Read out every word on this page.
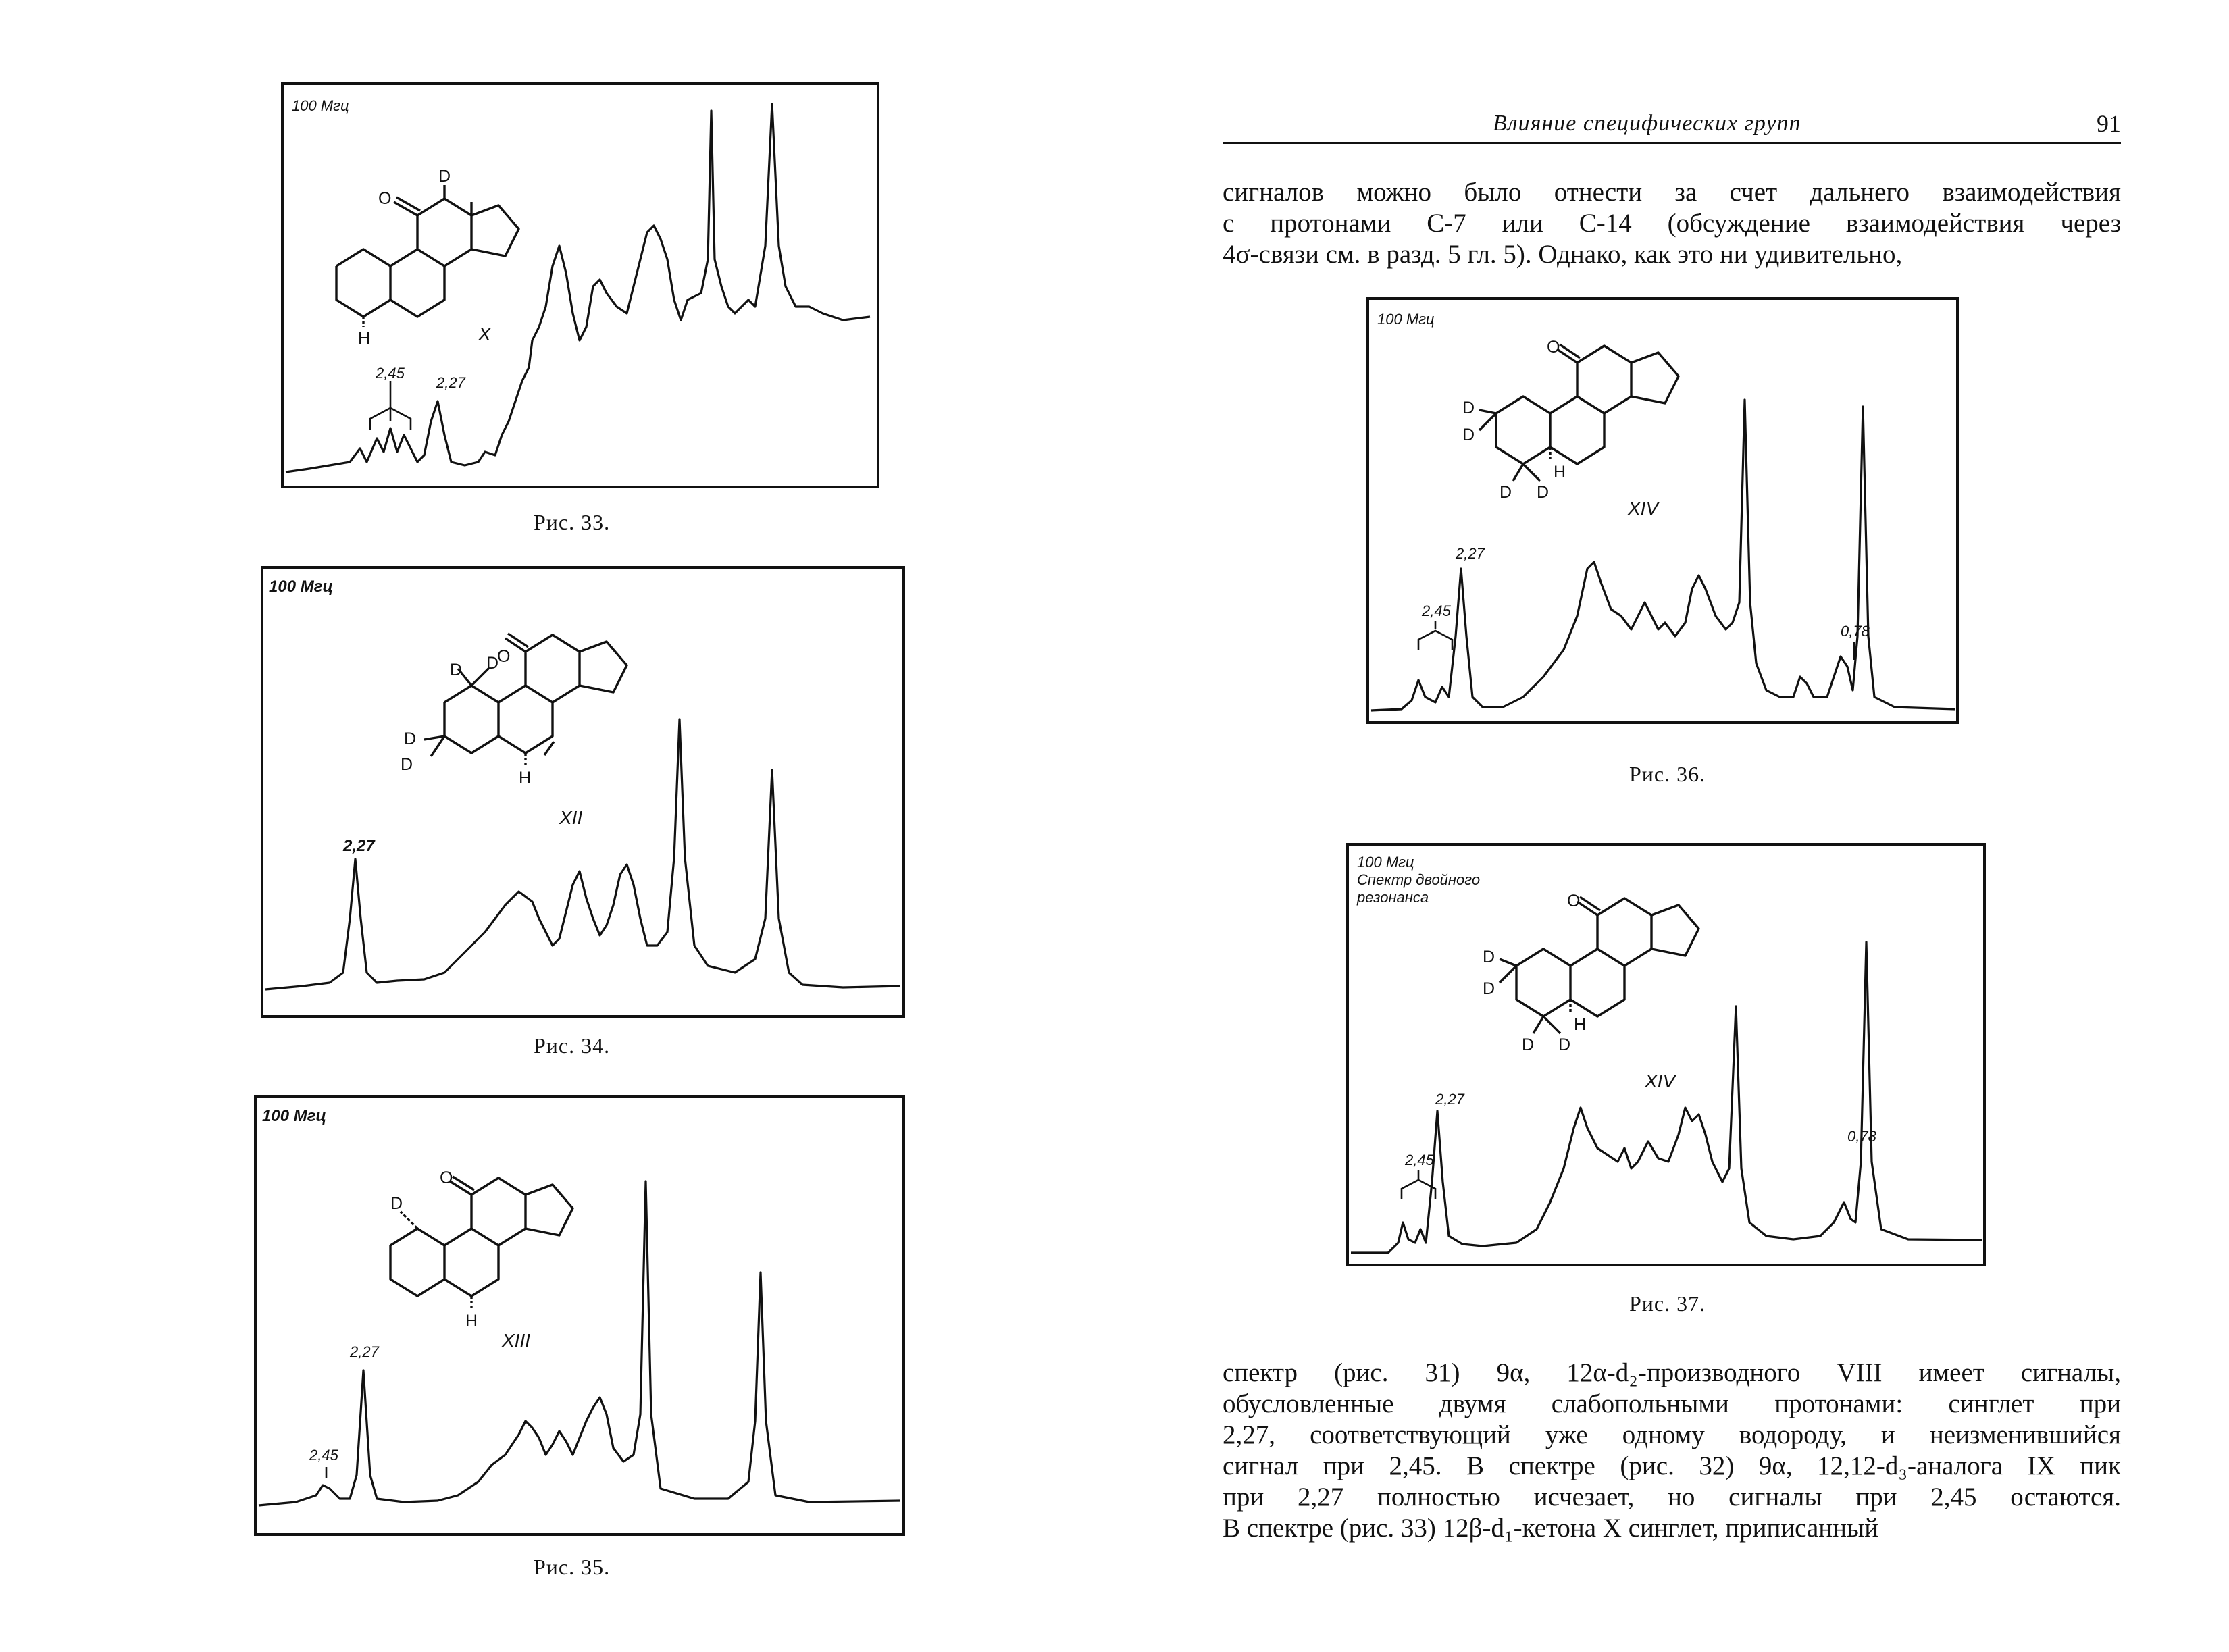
100 Мгц
O
D
H	X
2,45
2,27
Рис. 33.
100 Мгц
O
D D
D
D
H
XII
2,27
Рис. 34.
100 Мгц
O
D
H
XIII
2,27
2,45
Рис. 35.
Влияние специфических групп	91
сигналов можно было отнести за счет дальнего взаимодействия
с протонами С-7 или С-14 (обсуждение взаимодействия через
4σ-связи см. в разд. 5 гл. 5). Однако, как это ни удивительно,
100 Мгц
O
D
D
D D
H
XIV
2,27
2,45
0,78
Рис. 36.
100 Мгц
Спектр двойного
резонанса	O
D
D
D D
H
XIV
2,27
2,45
0,78
Рис. 37.
спектр (рис. 31) 9α, 12α-d₂-производного VIII имеет сигналы,
обусловленные двумя слабопольными протонами: синглет при
2,27, соответствующий уже одному водороду, и неизменившийся
сигнал при 2,45. В спектре (рис. 32) 9α, 12,12-d₃-аналога IX пик
при 2,27 полностью исчезает, но сигналы при 2,45 остаются.
В спектре (рис. 33) 12β-d₁-кетона X синглет, приписанный
